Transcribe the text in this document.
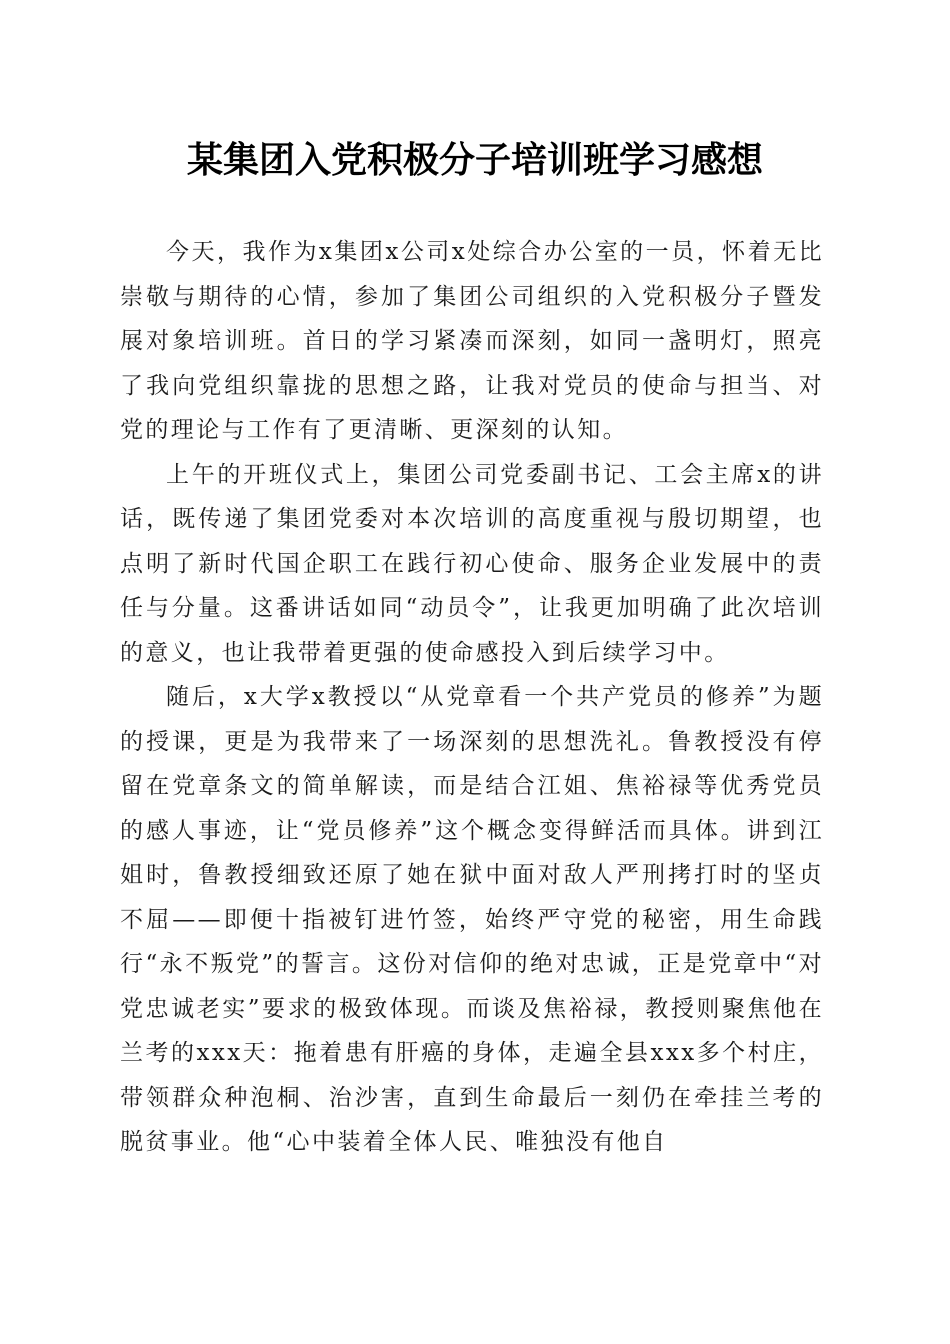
某集团入党积极分子培训班学习感想

今天，我作为x集团x公司x处综合办公室的一员，怀着无比崇敬与期待的心情，参加了集团公司组织的入党积极分子暨发展对象培训班。首日的学习紧凑而深刻，如同一盏明灯，照亮了我向党组织靠拢的思想之路，让我对党员的使命与担当、对党的理论与工作有了更清晰、更深刻的认知。

上午的开班仪式上，集团公司党委副书记、工会主席x的讲话，既传递了集团党委对本次培训的高度重视与殷切期望，也点明了新时代国企职工在践行初心使命、服务企业发展中的责任与分量。这番讲话如同“动员令”，让我更加明确了此次培训的意义，也让我带着更强的使命感投入到后续学习中。

随后，x大学x教授以“从党章看一个共产党员的修养”为题的授课，更是为我带来了一场深刻的思想洗礼。鲁教授没有停留在党章条文的简单解读，而是结合江姐、焦裕禄等优秀党员的感人事迹，让“党员修养”这个概念变得鲜活而具体。讲到江姐时，鲁教授细致还原了她在狱中面对敌人严刑拷打时的坚贞不屈——即便十指被钉进竹签，始终严守党的秘密，用生命践行“永不叛党”的誓言。这份对信仰的绝对忠诚，正是党章中“对党忠诚老实”要求的极致体现。而谈及焦裕禄，教授则聚焦他在兰考的xxx天：拖着患有肝癌的身体，走遍全县xxx多个村庄，带领群众种泡桐、治沙害，直到生命最后一刻仍在牵挂兰考的脱贫事业。他“心中装着全体人民、唯独没有他自
